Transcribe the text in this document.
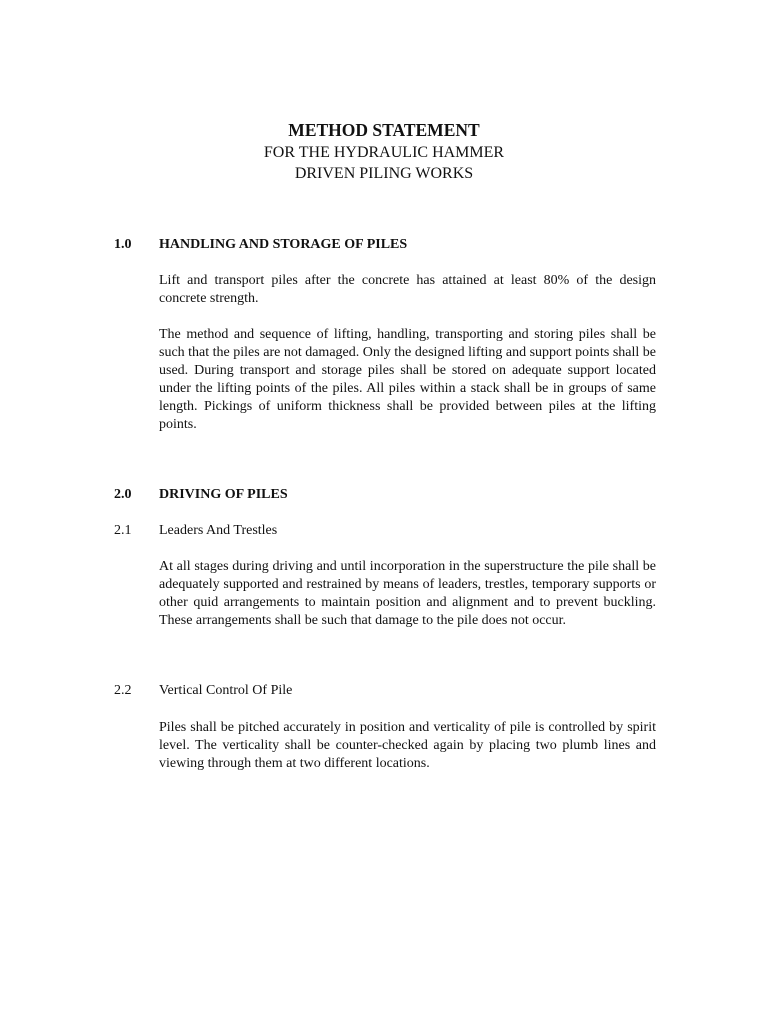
METHOD STATEMENT
FOR THE HYDRAULIC HAMMER
DRIVEN PILING WORKS
1.0 HANDLING AND STORAGE OF PILES

Lift and transport piles after the concrete has attained at least 80% of the design concrete strength.

The method and sequence of lifting, handling, transporting and storing piles shall be such that the piles are not damaged. Only the designed lifting and support points shall be used. During transport and storage piles shall be stored on adequate support located under the lifting points of the piles. All piles within a stack shall be in groups of same length. Pickings of uniform thickness shall be provided between piles at the lifting points.

2.0 DRIVING OF PILES
2.1 Leaders And Trestles

At all stages during driving and until incorporation in the superstructure the pile shall be adequately supported and restrained by means of leaders, trestles, temporary supports or other quid arrangements to maintain position and alignment and to prevent buckling. These arrangements shall be such that damage to the pile does not occur.

2.2 Vertical Control Of Pile

Piles shall be pitched accurately in position and verticality of pile is controlled by spirit level. The verticality shall be counter-checked again by placing two plumb lines and viewing through them at two different locations.
